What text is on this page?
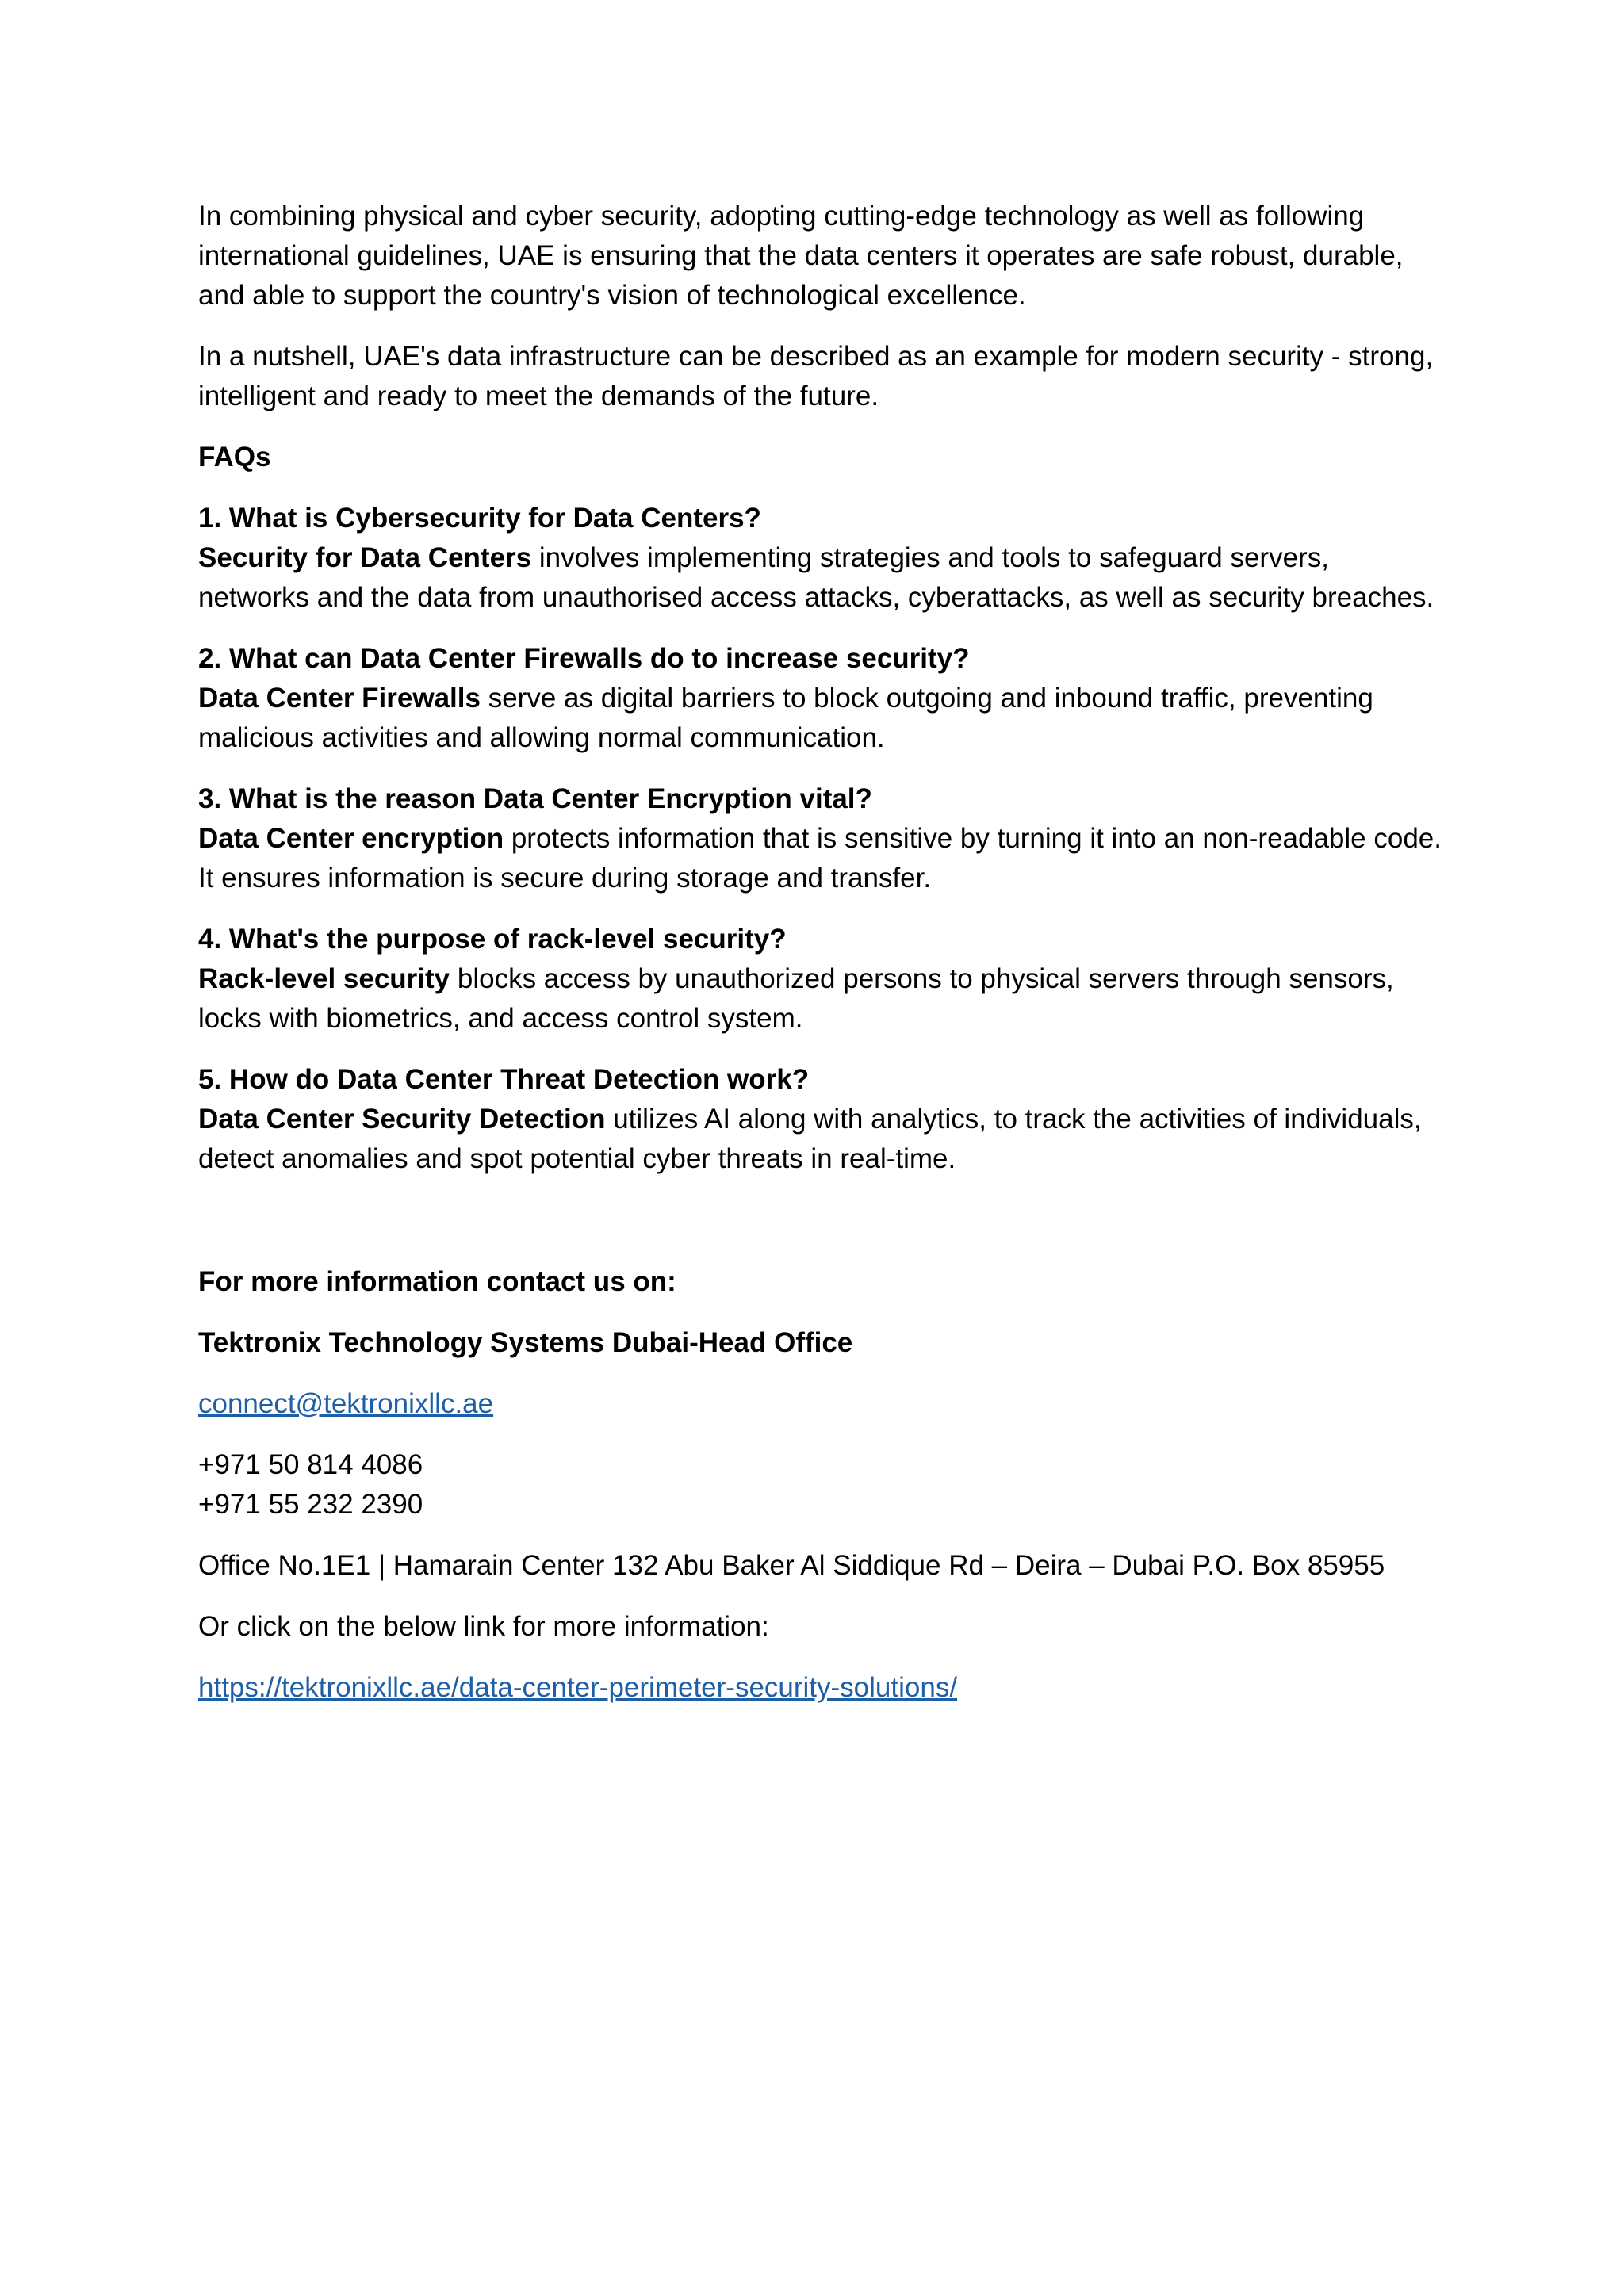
In combining physical and cyber security, adopting cutting-edge technology as well as following international guidelines, UAE is ensuring that the data centers it operates are safe robust, durable, and able to support the country's vision of technological excellence.

In a nutshell, UAE's data infrastructure can be described as an example for modern security - strong, intelligent and ready to meet the demands of the future.

FAQs

1. What is Cybersecurity for Data Centers?
Security for Data Centers involves implementing strategies and tools to safeguard servers, networks and the data from unauthorised access attacks, cyberattacks, as well as security breaches.
2. What can Data Center Firewalls do to increase security?
Data Center Firewalls serve as digital barriers to block outgoing and inbound traffic, preventing malicious activities and allowing normal communication.
3. What is the reason Data Center Encryption vital?
Data Center encryption protects information that is sensitive by turning it into an non-readable code. It ensures information is secure during storage and transfer.
4. What's the purpose of rack-level security?
Rack-level security blocks access by unauthorized persons to physical servers through sensors, locks with biometrics, and access control system.
5. How do Data Center Threat Detection work?
Data Center Security Detection utilizes AI along with analytics, to track the activities of individuals, detect anomalies and spot potential cyber threats in real-time.

For more information contact us on:

Tektronix Technology Systems Dubai-Head Office

connect@tektronixllc.ae

+971 50 814 4086
+971 55 232 2390

Office No.1E1 | Hamarain Center 132 Abu Baker Al Siddique Rd – Deira – Dubai P.O. Box 85955

Or click on the below link for more information:

https://tektronixllc.ae/data-center-perimeter-security-solutions/
